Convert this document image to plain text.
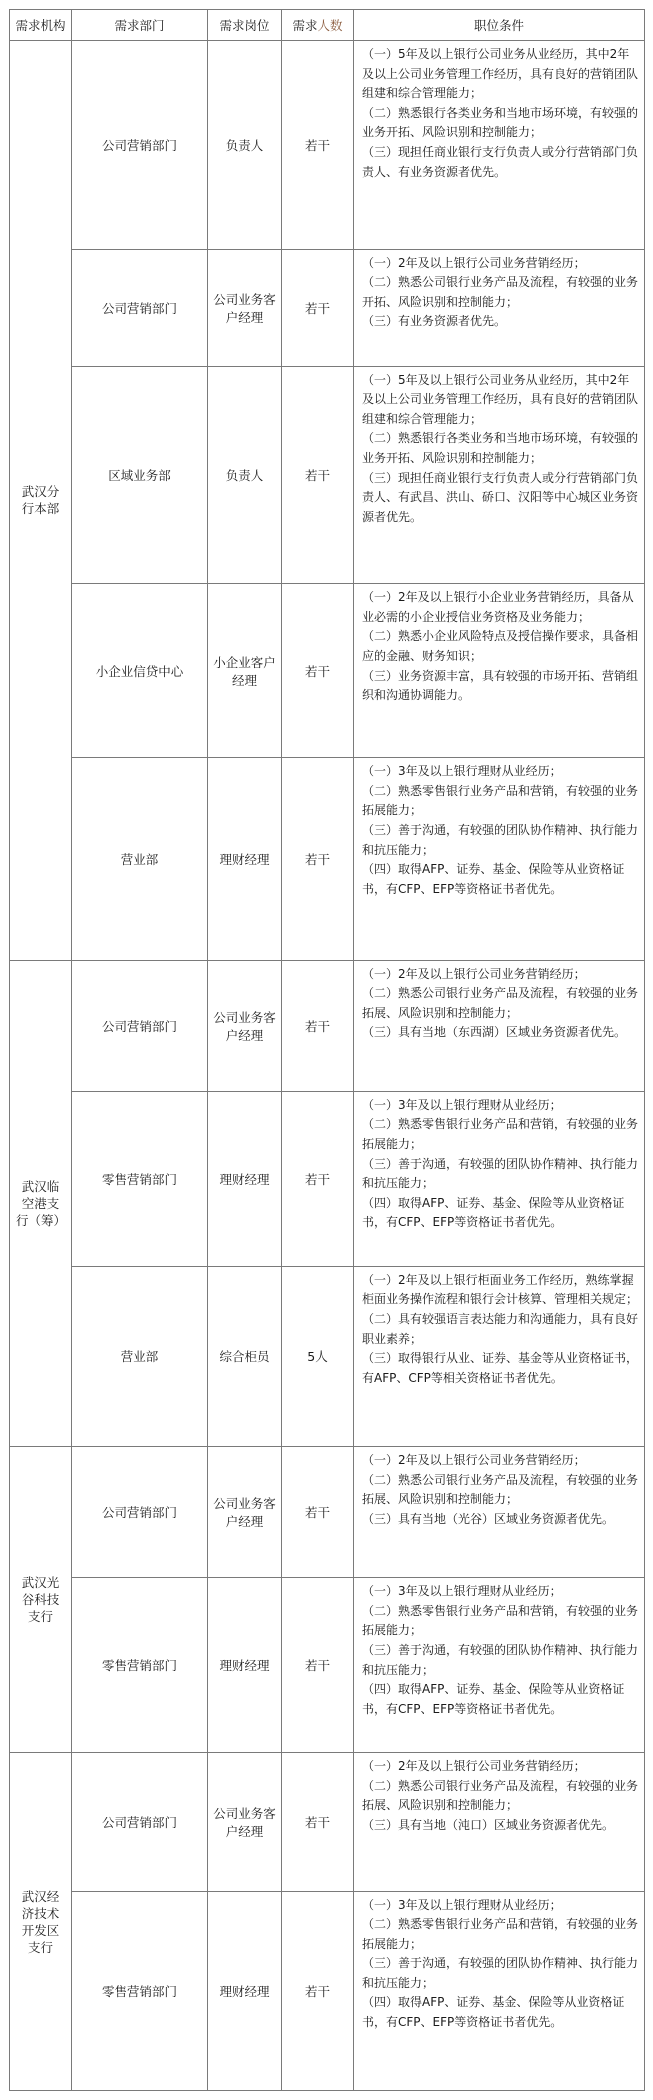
需求机构	需求部门	需求岗位	需求人数	职位条件

武汉分行本部	公司营销部门	负责人	若干	（一）5年及以上银行公司业务从业经历，其中2年及以上公司业务管理工作经历，具有良好的营销团队组建和综合管理能力；
（二）熟悉银行各类业务和当地市场环境，有较强的业务开拓、风险识别和控制能力；
（三）现担任商业银行支行负责人或分行营销部门负责人、有业务资源者优先。

	公司营销部门	公司业务客户经理	若干	（一）2年及以上银行公司业务营销经历；
（二）熟悉公司银行业务产品及流程，有较强的业务开拓、风险识别和控制能力；
（三）有业务资源者优先。

	区域业务部	负责人	若干	（一）5年及以上银行公司业务从业经历，其中2年及以上公司业务管理工作经历，具有良好的营销团队组建和综合管理能力；
（二）熟悉银行各类业务和当地市场环境，有较强的业务开拓、风险识别和控制能力；
（三）现担任商业银行支行负责人或分行营销部门负责人、有武昌、洪山、硚口、汉阳等中心城区业务资源者优先。

	小企业信贷中心	小企业客户经理	若干	（一）2年及以上银行小企业业务营销经历，具备从业必需的小企业授信业务资格及业务能力；
（二）熟悉小企业风险特点及授信操作要求，具备相应的金融、财务知识；
（三）业务资源丰富，具有较强的市场开拓、营销组织和沟通协调能力。

	营业部	理财经理	若干	（一）3年及以上银行理财从业经历；
（二）熟悉零售银行业务产品和营销，有较强的业务拓展能力；
（三）善于沟通，有较强的团队协作精神、执行能力和抗压能力；
（四）取得AFP、证券、基金、保险等从业资格证书，有CFP、EFP等资格证书者优先。

武汉临空港支行（筹）	公司营销部门	公司业务客户经理	若干	（一）2年及以上银行公司业务营销经历；
（二）熟悉公司银行业务产品及流程，有较强的业务拓展、风险识别和控制能力；
（三）具有当地（东西湖）区域业务资源者优先。

	零售营销部门	理财经理	若干	（一）3年及以上银行理财从业经历；
（二）熟悉零售银行业务产品和营销，有较强的业务拓展能力；
（三）善于沟通，有较强的团队协作精神、执行能力和抗压能力；
（四）取得AFP、证券、基金、保险等从业资格证书，有CFP、EFP等资格证书者优先。

	营业部	综合柜员	5人	（一）2年及以上银行柜面业务工作经历，熟练掌握柜面业务操作流程和银行会计核算、管理相关规定；
（二）具有较强语言表达能力和沟通能力，具有良好职业素养；
（三）取得银行从业、证券、基金等从业资格证书，有AFP、CFP等相关资格证书者优先。

武汉光谷科技支行	公司营销部门	公司业务客户经理	若干	（一）2年及以上银行公司业务营销经历；
（二）熟悉公司银行业务产品及流程，有较强的业务拓展、风险识别和控制能力；
（三）具有当地（光谷）区域业务资源者优先。

	零售营销部门	理财经理	若干	（一）3年及以上银行理财从业经历；
（二）熟悉零售银行业务产品和营销，有较强的业务拓展能力；
（三）善于沟通，有较强的团队协作精神、执行能力和抗压能力；
（四）取得AFP、证券、基金、保险等从业资格证书，有CFP、EFP等资格证书者优先。

武汉经济技术开发区支行	公司营销部门	公司业务客户经理	若干	（一）2年及以上银行公司业务营销经历；
（二）熟悉公司银行业务产品及流程，有较强的业务拓展、风险识别和控制能力；
（三）具有当地（沌口）区域业务资源者优先。

	零售营销部门	理财经理	若干	（一）3年及以上银行理财从业经历；
（二）熟悉零售银行业务产品和营销，有较强的业务拓展能力；
（三）善于沟通，有较强的团队协作精神、执行能力和抗压能力；
（四）取得AFP、证券、基金、保险等从业资格证书，有CFP、EFP等资格证书者优先。
